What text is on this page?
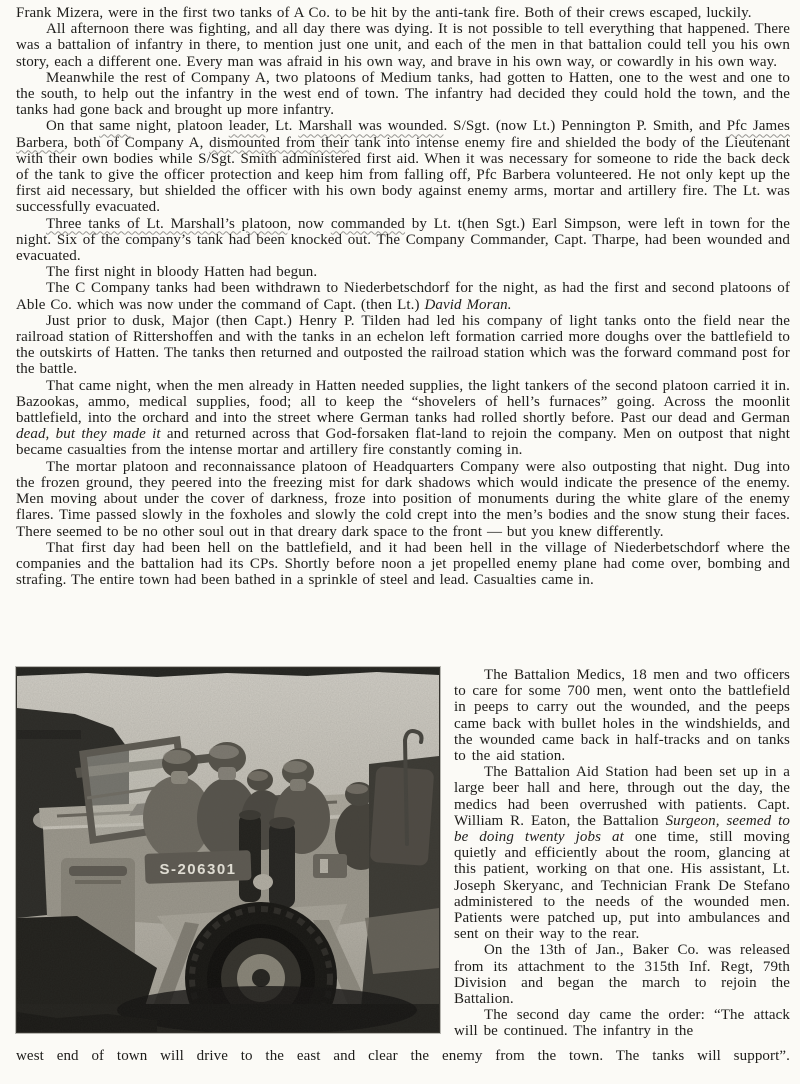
Frank Mizera, were in the first two tanks of A Co. to be hit by the anti-tank fire. Both of their crews escaped, luckily.

All afternoon there was fighting, and all day there was dying. It is not possible to tell everything that happened. There was a battalion of infantry in there, to mention just one unit, and each of the men in that battalion could tell you his own story, each a different one. Every man was afraid in his own way, and brave in his own way, or cowardly in his own way.

Meanwhile the rest of Company A, two platoons of Medium tanks, had gotten to Hatten, one to the west and one to the south, to help out the infantry in the west end of town. The infantry had decided they could hold the town, and the tanks had gone back and brought up more infantry.

On that same night, platoon leader, Lt. Marshall was wounded. S/Sgt. (now Lt.) Pennington P. Smith, and Pfc James Barbera, both of Company A, dismounted from their tank into intense enemy fire and shielded the body of the Lieutenant with their own bodies while S/Sgt. Smith administered first aid. When it was necessary for someone to ride the back deck of the tank to give the officer protection and keep him from falling off, Pfc Barbera volunteered. He not only kept up the first aid necessary, but shielded the officer with his own body against enemy arms, mortar and artillery fire. The Lt. was successfully evacuated.

Three tanks of Lt. Marshall’s platoon, now commanded by Lt. t(hen Sgt.) Earl Simpson, were left in town for the night. Six of the company’s tank had been knocked out. The Company Commander, Capt. Tharpe, had been wounded and evacuated.

The first night in bloody Hatten had begun.

The C Company tanks had been withdrawn to Niederbetschdorf for the night, as had the first and second platoons of Able Co. which was now under the command of Capt. (then Lt.) David Moran.

Just prior to dusk, Major (then Capt.) Henry P. Tilden had led his company of light tanks onto the field near the railroad station of Rittershoffen and with the tanks in an echelon left formation carried more doughs over the battlefield to the outskirts of Hatten. The tanks then returned and outposted the railroad station which was the forward command post for the battle.

That came night, when the men already in Hatten needed supplies, the light tankers of the second platoon carried it in. Bazookas, ammo, medical supplies, food; all to keep the “shovelers of hell’s furnaces” going. Across the moonlit battlefield, into the orchard and into the street where German tanks had rolled shortly before. Past our dead and German dead, but they made it and returned across that God-forsaken flat-land to rejoin the company. Men on outpost that night became casualties from the intense mortar and artillery fire constantly coming in.

The mortar platoon and reconnaissance platoon of Headquarters Company were also outposting that night. Dug into the frozen ground, they peered into the freezing mist for dark shadows which would indicate the presence of the enemy. Men moving about under the cover of darkness, froze into position of monuments during the white glare of the enemy flares. Time passed slowly in the foxholes and slowly the cold crept into the men’s bodies and the snow stung their faces. There seemed to be no other soul out in that dreary dark space to the front — but you knew differently.

That first day had been hell on the battlefield, and it had been hell in the village of Niederbetschdorf where the companies and the battalion had its CPs. Shortly before noon a jet propelled enemy plane had come over, bombing and strafing. The entire town had been bathed in a sprinkle of steel and lead. Casualties came in.

S-206301

The Battalion Medics, 18 men and two officers to care for some 700 men, went onto the battlefield in peeps to carry out the wounded, and the peeps came back with bullet holes in the windshields, and the wounded came back in half-tracks and on tanks to the aid station.

The Battalion Aid Station had been set up in a large beer hall and here, through out the day, the medics had been overrushed with patients. Capt. William R. Eaton, the Battalion Surgeon, seemed to be doing twenty jobs at one time, still moving quietly and efficiently about the room, glancing at this patient, working on that one. His assistant, Lt. Joseph Skeryanc, and Technician Frank De Stefano administered to the needs of the wounded men. Patients were patched up, put into ambulances and sent on their way to the rear.

On the 13th of Jan., Baker Co. was released from its attachment to the 315th Inf. Regt, 79th Division and began the march to rejoin the Battalion.

The second day came the order: “The attack will be continued. The infantry in the

west end of town will drive to the east and clear the enemy from the town. The tanks will support”.
